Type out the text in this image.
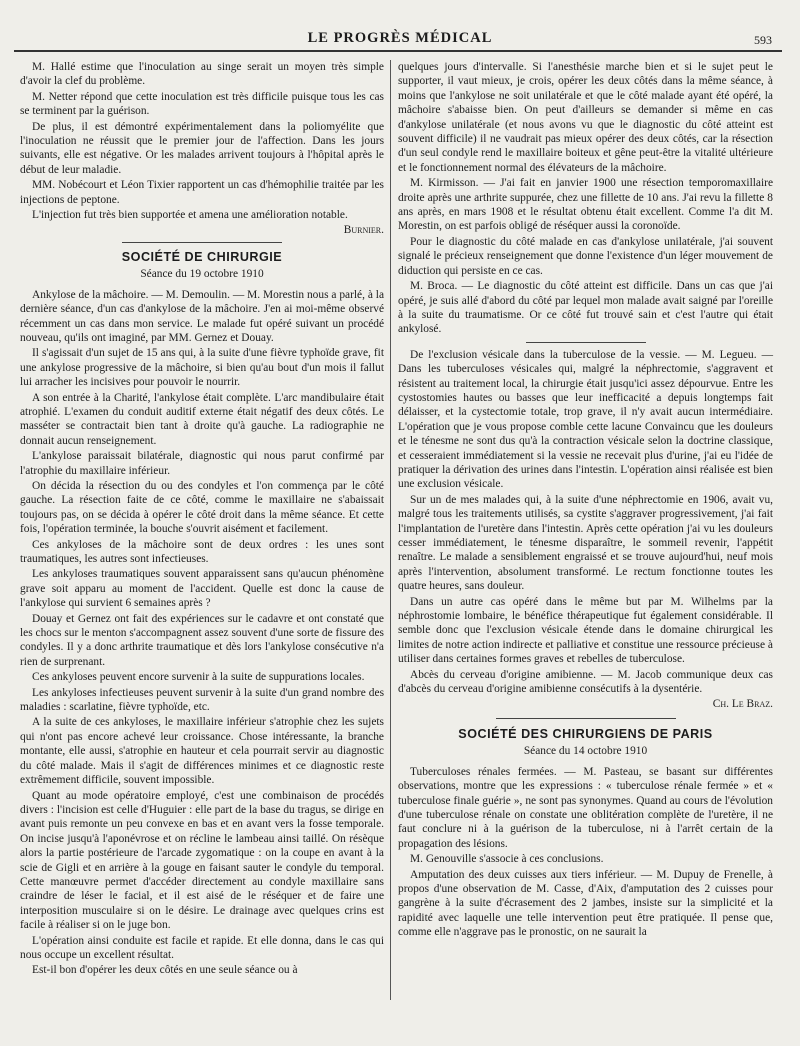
LE PROGRÈS MÉDICAL	593

M. Hallé estime que l'inoculation au singe serait un moyen très simple d'avoir la clef du problème.

M. Netter répond que cette inoculation est très difficile puisque tous les cas se terminent par la guérison.

De plus, il est démontré expérimentalement dans la poliomyélite que l'inoculation ne réussit que le premier jour de l'affection. Dans les jours suivants, elle est négative. Or les malades arrivent toujours à l'hôpital après le début de leur maladie.

MM. Nobécourt et Léon Tixier rapportent un cas d'hémophilie traitée par les injections de peptone.

L'injection fut très bien supportée et amena une amélioration notable.

Burnier.
SOCIÉTÉ DE CHIRURGIE
Séance du 19 octobre 1910

Ankylose de la mâchoire. — M. Demoulin. — M. Morestin nous a parlé, à la dernière séance, d'un cas d'ankylose de la mâchoire. J'en ai moi-même observé récemment un cas dans mon service. Le malade fut opéré suivant un procédé nouveau, qu'ils ont imaginé, par MM. Gernez et Douay.

Il s'agissait d'un sujet de 15 ans qui, à la suite d'une fièvre typhoïde grave, fit une ankylose progressive de la mâchoire, si bien qu'au bout d'un mois il fallut lui arracher les incisives pour pouvoir le nourrir.

A son entrée à la Charité, l'ankylose était complète. L'arc mandibulaire était atrophié. L'examen du conduit auditif externe était négatif des deux côtés. Le masséter se contractait bien tant à droite qu'à gauche. La radiographie ne donnait aucun renseignement.

L'ankylose paraissait bilatérale, diagnostic qui nous parut confirmé par l'atrophie du maxillaire inférieur.

On décida la résection du ou des condyles et l'on commença par le côté gauche. La résection faite de ce côté, comme le maxillaire ne s'abaissait toujours pas, on se décida à opérer le côté droit dans la même séance. Et cette fois, l'opération terminée, la bouche s'ouvrit aisément et facilement.

Ces ankyloses de la mâchoire sont de deux ordres : les unes sont traumatiques, les autres sont infectieuses.

Les ankyloses traumatiques souvent apparaissent sans qu'aucun phénomène grave soit apparu au moment de l'accident. Quelle est donc la cause de l'ankylose qui survient 6 semaines après ?

Douay et Gernez ont fait des expériences sur le cadavre et ont constaté que les chocs sur le menton s'accompagnent assez souvent d'une sorte de fissure des condyles. Il y a donc arthrite traumatique et dès lors l'ankylose consécutive n'a rien de surprenant.

Ces ankyloses peuvent encore survenir à la suite de suppurations locales.

Les ankyloses infectieuses peuvent survenir à la suite d'un grand nombre des maladies : scarlatine, fièvre typhoïde, etc.

A la suite de ces ankyloses, le maxillaire inférieur s'atrophie chez les sujets qui n'ont pas encore achevé leur croissance. Chose intéressante, la branche montante, elle aussi, s'atrophie en hauteur et cela pourrait servir au diagnostic du côté malade. Mais il s'agit de différences minimes et ce diagnostic reste extrêmement difficile, souvent impossible.

Quant au mode opératoire employé, c'est une combinaison de procédés divers : l'incision est celle d'Huguier : elle part de la base du tragus, se dirige en avant puis remonte un peu convexe en bas et en avant vers la fosse temporale. On incise jusqu'à l'aponévrose et on récline le lambeau ainsi taillé. On résèque alors la partie postérieure de l'arcade zygomatique : on la coupe en avant à la scie de Gigli et en arrière à la gouge en faisant sauter le condyle du temporal. Cette manœuvre permet d'accéder directement au condyle maxillaire sans craindre de léser le facial, et il est aisé de le réséquer et de faire une interposition musculaire si on le désire. Le drainage avec quelques crins est facile à réaliser si on le juge bon.

L'opération ainsi conduite est facile et rapide. Et elle donna, dans le cas qui nous occupe un excellent résultat.

Est-il bon d'opérer les deux côtés en une seule séance ou à

quelques jours d'intervalle. Si l'anesthésie marche bien et si le sujet peut le supporter, il vaut mieux, je crois, opérer les deux côtés dans la même séance, à moins que l'ankylose ne soit unilatérale et que le côté malade ayant été opéré, la mâchoire s'abaisse bien. On peut d'ailleurs se demander si même en cas d'ankylose unilatérale (et nous avons vu que le diagnostic du côté atteint est souvent difficile) il ne vaudrait pas mieux opérer des deux côtés, car la résection d'un seul condyle rend le maxillaire boiteux et gêne peut-être la vitalité ultérieure et le fonctionnement normal des élévateurs de la mâchoire.

M. Kirmisson. — J'ai fait en janvier 1900 une résection temporomaxillaire droite après une arthrite suppurée, chez une fillette de 10 ans. J'ai revu la fillette 8 ans après, en mars 1908 et le résultat obtenu était excellent. Comme l'a dit M. Morestin, on est parfois obligé de réséquer aussi la coronoïde.

Pour le diagnostic du côté malade en cas d'ankylose unilatérale, j'ai souvent signalé le précieux renseignement que donne l'existence d'un léger mouvement de diduction qui persiste en ce cas.

M. Broca. — Le diagnostic du côté atteint est difficile. Dans un cas que j'ai opéré, je suis allé d'abord du côté par lequel mon malade avait saigné par l'oreille à la suite du traumatisme. Or ce côté fut trouvé sain et c'est l'autre qui était ankylosé.

De l'exclusion vésicale dans la tuberculose de la vessie. — M. Legueu. — Dans les tuberculoses vésicales qui, malgré la néphrectomie, s'aggravent et résistent au traitement local, la chirurgie était jusqu'ici assez dépourvue. Entre les cystostomies hautes ou basses que leur inefficacité a depuis longtemps fait délaisser, et la cystectomie totale, trop grave, il n'y avait aucun intermédiaire. L'opération que je vous propose comble cette lacune Convaincu que les douleurs et le ténesme ne sont dus qu'à la contraction vésicale selon la doctrine classique, et cesseraient immédiatement si la vessie ne recevait plus d'urine, j'ai eu l'idée de pratiquer la dérivation des urines dans l'intestin. L'opération ainsi réalisée est bien une exclusion vésicale.

Sur un de mes malades qui, à la suite d'une néphrectomie en 1906, avait vu, malgré tous les traitements utilisés, sa cystite s'aggraver progressivement, j'ai fait l'implantation de l'uretère dans l'intestin. Après cette opération j'ai vu les douleurs cesser immédiatement, le ténesme disparaître, le sommeil revenir, l'appétit renaître. Le malade a sensiblement engraissé et se trouve aujourd'hui, neuf mois après l'intervention, absolument transformé. Le rectum fonctionne toutes les quatre heures, sans douleur.

Dans un autre cas opéré dans le même but par M. Wilhelms par la néphrostomie lombaire, le bénéfice thérapeutique fut également considérable. Il semble donc que l'exclusion vésicale étende dans le domaine chirurgical les limites de notre action indirecte et palliative et constitue une ressource précieuse à utiliser dans certaines formes graves et rebelles de tuberculose.

Abcès du cerveau d'origine amibienne. — M. Jacob communique deux cas d'abcès du cerveau d'origine amibienne consécutifs à la dysentérie.

Ch. Le Braz.
SOCIÉTÉ DES CHIRURGIENS DE PARIS
Séance du 14 octobre 1910

Tuberculoses rénales fermées. — M. Pasteau, se basant sur différentes observations, montre que les expressions : « tuberculose rénale fermée » et « tuberculose finale guérie », ne sont pas synonymes. Quand au cours de l'évolution d'une tuberculose rénale on constate une oblitération complète de l'uretère, il ne faut conclure ni à la guérison de la tuberculose, ni à l'arrêt certain de la propagation des lésions.

M. Genouville s'associe à ces conclusions.

Amputation des deux cuisses aux tiers inférieur. — M. Dupuy de Frenelle, à propos d'une observation de M. Casse, d'Aix, d'amputation des 2 cuisses pour gangrène à la suite d'écrasement des 2 jambes, insiste sur la simplicité et la rapidité avec laquelle une telle intervention peut être pratiquée. Il pense que, comme elle n'aggrave pas le pronostic, on ne saurait la
